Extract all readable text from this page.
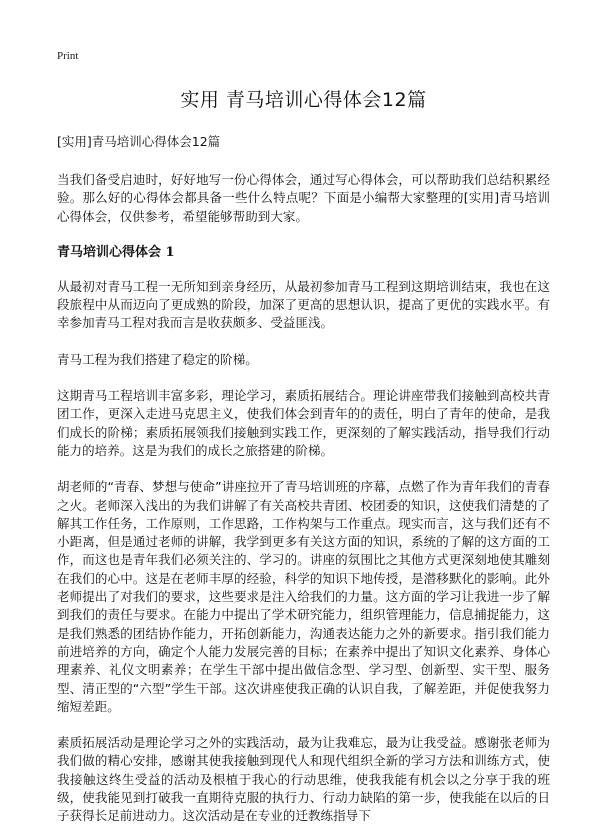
Print
实用 青马培训心得体会12篇
[实用]青马培训心得体会12篇

当我们备受启迪时，好好地写一份心得体会，通过写心得体会，可以帮助我们总结积累经验。那么好的心得体会都具备一些什么特点呢？下面是小编帮大家整理的[实用]青马培训心得体会，仅供参考，希望能够帮助到大家。

青马培训心得体会 1

从最初对青马工程一无所知到亲身经历，从最初参加青马工程到这期培训结束，我也在这段旅程中从而迈向了更成熟的阶段，加深了更高的思想认识，提高了更优的实践水平。有幸参加青马工程对我而言是收获颇多、受益匪浅。

青马工程为我们搭建了稳定的阶梯。

这期青马工程培训丰富多彩，理论学习，素质拓展结合。理论讲座带我们接触到高校共青团工作，更深入走进马克思主义，使我们体会到青年的的责任，明白了青年的使命，是我们成长的阶梯；素质拓展领我们接触到实践工作，更深刻的了解实践活动，指导我们行动能力的培养。这是为我们的成长之旅搭建的阶梯。

胡老师的“青春、梦想与使命”讲座拉开了青马培训班的序幕，点燃了作为青年我们的青春之火。老师深入浅出的为我们讲解了有关高校共青团、校团委的知识，这使我们清楚的了解其工作任务，工作原则，工作思路，工作构架与工作重点。现实而言，这与我们还有不小距离，但是通过老师的讲解，我学到更多有关这方面的知识，系统的了解的这方面的工作，而这也是青年我们必须关注的、学习的。讲座的氛围比之其他方式更深刻地使其雕刻在我们的心中。这是在老师丰厚的经验，科学的知识下地传授，是潜移默化的影响。此外老师提出了对我们的要求，这些要求是注入给我们的力量。这方面的学习让我进一步了解到我们的责任与要求。在能力中提出了学术研究能力，组织管理能力，信息捕捉能力，这是我们熟悉的团结协作能力，开拓创新能力，沟通表达能力之外的新要求。指引我们能力前进培养的方向，确定个人能力发展完善的目标；在素养中提出了知识文化素养、身体心理素养、礼仪文明素养；在学生干部中提出做信念型、学习型、创新型、实干型、服务型、清正型的“六型”学生干部。这次讲座使我正确的认识自我，了解差距，并促使我努力缩短差距。

素质拓展活动是理论学习之外的实践活动，最为让我难忘，最为让我受益。感谢张老师为我们做的精心安排，感谢其使我接触到现代人和现代组织全新的学习方法和训练方式，使我接触这终生受益的活动及根植于我心的行动思维，使我我能有机会以之分享于我的班级，使我能见到打破我一直期待克服的执行力、行动力缺陷的第一步，使我能在以后的日子获得长足前进动力。这次活动是在专业的迁教练指导下
